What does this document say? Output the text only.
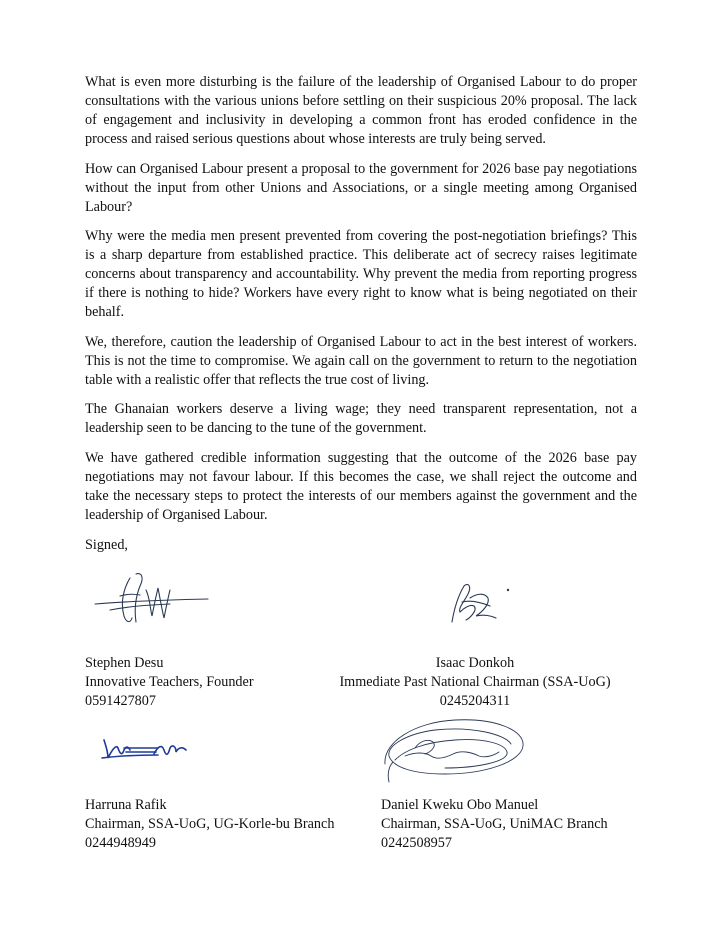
What is even more disturbing is the failure of the leadership of Organised Labour to do proper consultations with the various unions before settling on their suspicious 20% proposal. The lack of engagement and inclusivity in developing a common front has eroded confidence in the process and raised serious questions about whose interests are truly being served.

How can Organised Labour present a proposal to the government for 2026 base pay negotiations without the input from other Unions and Associations, or a single meeting among Organised Labour?

Why were the media men present prevented from covering the post-negotiation briefings? This is a sharp departure from established practice. This deliberate act of secrecy raises legitimate concerns about transparency and accountability. Why prevent the media from reporting progress if there is nothing to hide? Workers have every right to know what is being negotiated on their behalf.

We, therefore, caution the leadership of Organised Labour to act in the best interest of workers. This is not the time to compromise. We again call on the government to return to the negotiation table with a realistic offer that reflects the true cost of living.

The Ghanaian workers deserve a living wage; they need transparent representation, not a leadership seen to be dancing to the tune of the government.

We have gathered credible information suggesting that the outcome of the 2026 base pay negotiations may not favour labour. If this becomes the case, we shall reject the outcome and take the necessary steps to protect the interests of our members against the government and the leadership of Organised Labour.

Signed,
Stephen Desu
Innovative Teachers, Founder
0591427807
Isaac Donkoh
Immediate Past National Chairman (SSA-UoG)
0245204311
Harruna Rafik
Chairman, SSA-UoG, UG-Korle-bu Branch
0244948949
Daniel Kweku Obo Manuel
Chairman, SSA-UoG, UniMAC Branch
0242508957
